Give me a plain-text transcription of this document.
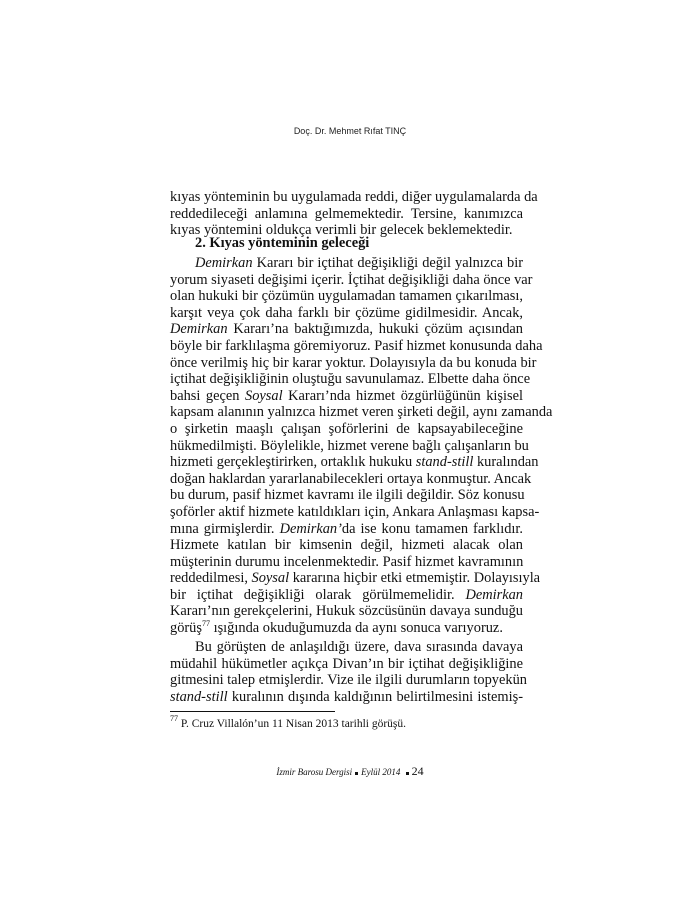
Doç. Dr. Mehmet Rıfat TINÇ
kıyas yönteminin bu uygulamada reddi, diğer uygulamalarda da
reddedileceği anlamına gelmemektedir. Tersine, kanımızca
kıyas yöntemini oldukça verimli bir gelecek beklemektedir.
2. Kıyas yönteminin geleceği
Demirkan Kararı bir içtihat değişikliği değil yalnızca bir
yorum siyaseti değişimi içerir. İçtihat değişikliği daha önce var
olan hukuki bir çözümün uygulamadan tamamen çıkarılması,
karşıt veya çok daha farklı bir çözüme gidilmesidir. Ancak,
Demirkan Kararı’na baktığımızda, hukuki çözüm açısından
böyle bir farklılaşma göremiyoruz. Pasif hizmet konusunda daha
önce verilmiş hiç bir karar yoktur. Dolayısıyla da bu konuda bir
içtihat değişikliğinin oluştuğu savunulamaz. Elbette daha önce
bahsi geçen Soysal Kararı’nda hizmet özgürlüğünün kişisel
kapsam alanının yalnızca hizmet veren şirketi değil, aynı zamanda
o şirketin maaşlı çalışan şoförlerini de kapsayabileceğine
hükmedilmişti. Böylelikle, hizmet verene bağlı çalışanların bu
hizmeti gerçekleştirirken, ortaklık hukuku stand-still kuralından
doğan haklardan yararlanabilecekleri ortaya konmuştur. Ancak
bu durum, pasif hizmet kavramı ile ilgili değildir. Söz konusu
şoförler aktif hizmete katıldıkları için, Ankara Anlaşması kapsa-
mına girmişlerdir. Demirkan’da ise konu tamamen farklıdır.
Hizmete katılan bir kimsenin değil, hizmeti alacak olan
müşterinin durumu incelenmektedir. Pasif hizmet kavramının
reddedilmesi, Soysal kararına hiçbir etki etmemiştir. Dolayısıyla
bir içtihat değişikliği olarak görülmemelidir. Demirkan
Kararı’nın gerekçelerini, Hukuk sözcüsünün davaya sunduğu
görüş$^{77}$ ışığında okuduğumuzda da aynı sonuca varıyoruz.
Bu görüşten de anlaşıldığı üzere, dava sırasında davaya
müdahil hükümetler açıkça Divan’ın bir içtihat değişikliğine
gitmesini talep etmişlerdir. Vize ile ilgili durumların topyekün
stand-still kuralının dışında kaldığının belirtilmesini istemiş-
$^{77}$ P. Cruz Villalón’un 11 Nisan 2013 tarihli görüşü.
İzmir Barosu Dergisi Eylül 2014 24
